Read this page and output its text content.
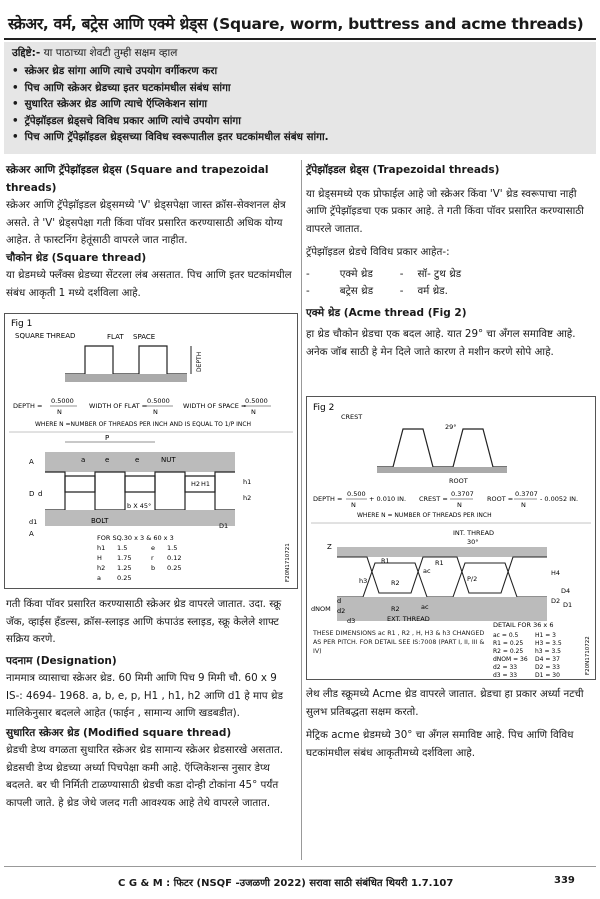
स्क्रेअर, वर्म, बट्रेस आणि एक्मे थ्रेड्स (Square, worm, buttress and acme threads)
उद्दिष्टे:- या पाठाच्या शेवटी तुम्ही सक्षम व्हाल
• स्क्रेअर थ्रेड सांगा आणि त्याचे उपयोग वर्गीकरण करा
• पिच आणि स्क्रेअर थ्रेडच्या इतर घटकांमधील संबंध सांगा
• सुधारित स्क्रेअर थ्रेड आणि त्याचे ऍप्लिकेशन सांगा
• ट्रॅपेझॉइडल थ्रेड्सचे विविध प्रकार आणि त्यांचे उपयोग सांगा
• पिच आणि ट्रॅपेझॉइडल थ्रेड्सच्या विविध स्वरूपातील इतर घटकांमधील संबंध सांगा.

स्क्रेअर आणि ट्रॅपेझॉइडल थ्रेड्स (Square and trapezoidal threads)

स्क्रेअर आणि ट्रॅपेझॉइडल थ्रेड्समध्ये 'V' थ्रेड्सपेक्षा जास्त क्रॉस-सेक्शनल क्षेत्र असते. ते 'V' थ्रेड्सपेक्षा गती किंवा पॉवर प्रसारित करण्यासाठी अधिक योग्य आहेत. ते फास्टनिंग हेतूंसाठी वापरले जात नाहीत.

चौकोन थ्रेड (Square thread)

या थ्रेडमध्ये फ्लँक्स थ्रेडच्या सेंटरला लंब असतात. पिच आणि इतर घटकांमधील संबंध आकृती 1 मध्ये दर्शविला आहे.

Fig 1
SQUARE THREAD	FLAT SPACE
DEPTH
DEPTH =
0.5000
N
WIDTH OF FLAT =
0.5000
N
WIDTH OF SPACE =
0.5000
N
WHERE N =NUMBER OF THREADS PER INCH AND IS EQUAL TO 1/P INCH
P
a	e	e	NUT
A
H2 H1
D d
h1
h2
d1
b X 45°
BOLT
D1
A	FOR SQ.30 x 3 & 60 x 3
h1 1.5	e 1.5
H 1.75	r 0.12
h2 1.25	b 0.25
a 0.25	F20N1710721

गती किंवा पॉवर प्रसारित करण्यासाठी स्क्रेअर थ्रेड वापरले जातात. उदा. स्क्रू जॅक, व्हाईस हँडल्स, क्रॉस-स्लाइड आणि कंपाउंड स्लाइड, स्क्रू केलेले शाफ्ट सक्रिय करणे.

पदनाम (Designation)

नाममात्र व्यासाचा स्क्रेअर थ्रेड. 60 मिमी आणि पिच 9 मिमी चौ. 60 x 9 IS-: 4694- 1968. a, b, e, p, H1 , h1, h2 आणि d1 हे माप थ्रेड मालिकेनुसार बदलले आहेत (फाईन , सामान्य आणि खडबडीत).

सुधारित स्क्रेअर थ्रेड (Modified square thread)

थ्रेडची डेप्थ वगळता सुधारित स्क्रेअर थ्रेड सामान्य स्क्रेअर थ्रेडसारखे असतात. थ्रेडसची डेप्थ थ्रेडच्या अर्ध्या पिचपेक्षा कमी आहे. ऍप्लिकेशन्स नुसार डेप्थ बदलते. बर ची निर्मिती टाळण्यासाठी थ्रेडची कडा दोन्ही टोकांना 45° पर्यंत कापली जाते. हे थ्रेड जेथे जलद गती आवश्यक आहे तेथे वापरले जातात.

ट्रॅपेझॉइडल थ्रेड्स (Trapezoidal threads)

या थ्रेड्समध्ये एक प्रोफाईल आहे जो स्क्रेअर किंवा 'V' थ्रेड स्वरूपाचा नाही आणि ट्रॅपेझॉइडचा एक प्रकार आहे. ते गती किंवा पॉवर प्रसारित करण्यासाठी वापरले जातात.

ट्रॅपेझॉइडल थ्रेडचे विविध प्रकार आहेत-:

-	एक्मे थ्रेड	- सॉ- टुथ थ्रेड

-	बट्रेस थ्रेड	- वर्म थ्रेड.

एक्मे थ्रेड (Acme thread (Fig 2)

हा थ्रेड चौकोन थ्रेडचा एक बदल आहे. यात 29° चा अँगल समाविष्ट आहे. अनेक जॉब साठी हे मेन दिले जाते कारण ते मशीन करणे सोपे आहे.

Fig 2
CREST
29°
ROOT
DEPTH =
0.500
N
+ 0.010 IN. CREST =
0.3707
N
ROOT =
0.3707
N
- 0.0052 IN.
WHERE N = NUMBER OF THREADS PER INCH
INT. THREAD
30°
Z
R1
ac
R1
h3
H4
P/2
D4
R2
R2
d2
D2
d3
D1
d
dNOM	ac
EXT. THREAD
THESE DIMENSIONS ac R1 , R2 , H, H3 & h3 CHANGED AS PER PITCH. FOR DETAIL SEE IS:7008 (PART I, II, III & IV)
DETAIL FOR 36 x 6
ac = 0.5	H1 = 3
R1 = 0.25 H3 = 3.5
R2 = 0.25 h3 = 3.5
dNOM = 36 D4 = 37
d2 = 33	D2 = 33
d3 = 33	D1 = 30
F20N1710722

लेथ लीड स्क्रूमध्ये Acme थ्रेड वापरले जातात. थ्रेडचा हा प्रकार अर्ध्या नटची सुलभ प्रतिबद्धता सक्षम करतो.

मेट्रिक acme थ्रेडमध्ये 30° चा अँगल समाविष्ट आहे. पिच आणि विविध घटकांमधील संबंध आकृतीमध्ये दर्शविला आहे.

C G & M : फिटर (NSQF -उजळणी 2022) सरावा साठी संबंधित थियरी 1.7.107	339
